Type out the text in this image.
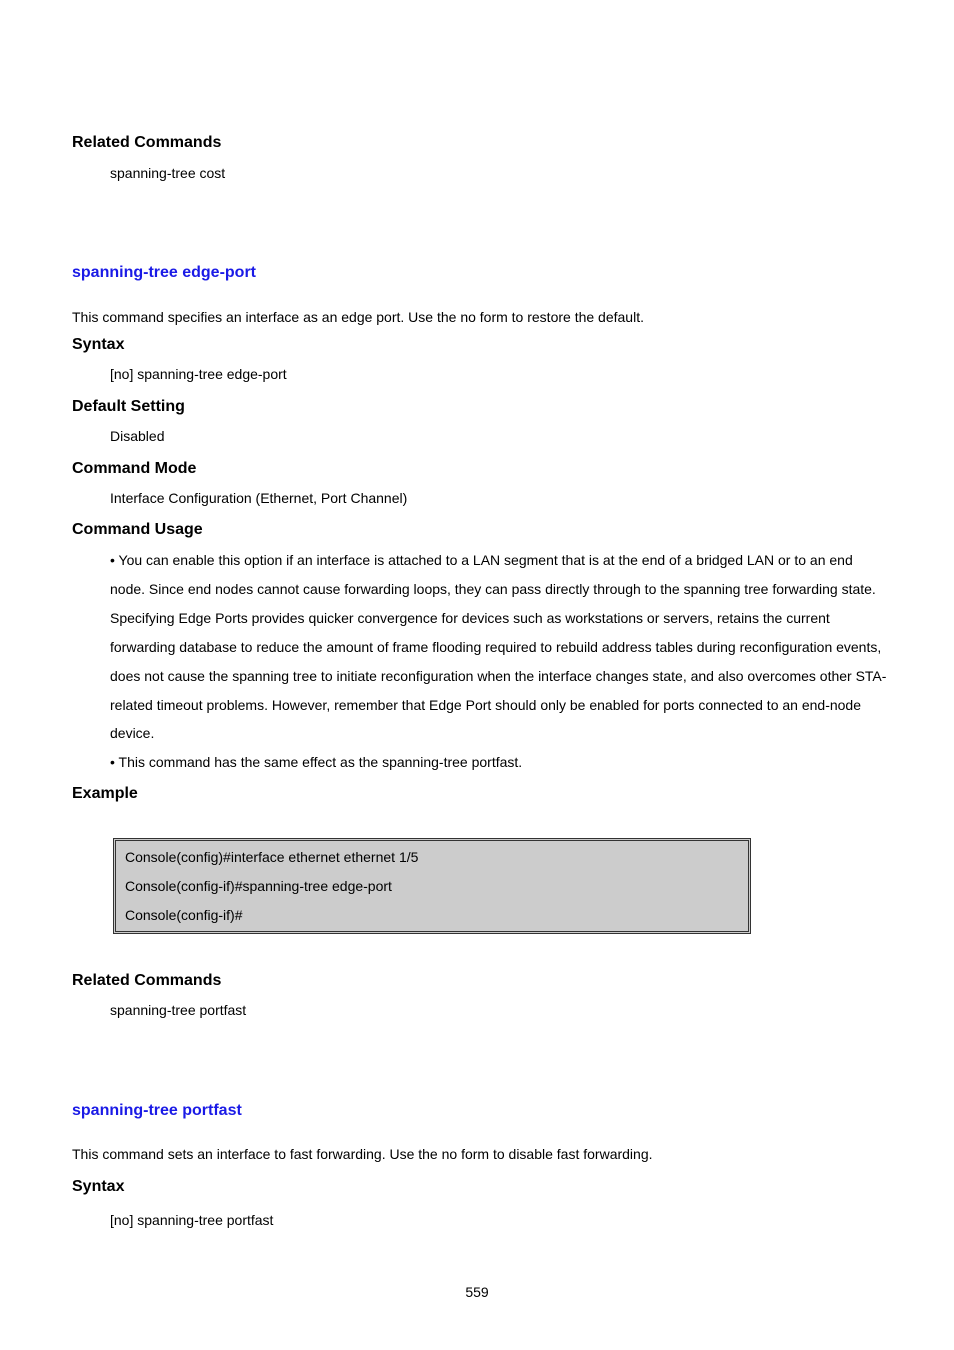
Related Commands
spanning-tree cost
spanning-tree edge-port
This command specifies an interface as an edge port. Use the no form to restore the default.
Syntax
[no] spanning-tree edge-port
Default Setting
Disabled
Command Mode
Interface Configuration (Ethernet, Port Channel)
Command Usage

• You can enable this option if an interface is attached to a LAN segment that is at the end of a bridged LAN or to an end node. Since end nodes cannot cause forwarding loops, they can pass directly through to the spanning tree forwarding state. Specifying Edge Ports provides quicker convergence for devices such as workstations or servers, retains the current forwarding database to reduce the amount of frame flooding required to rebuild address tables during reconfiguration events, does not cause the spanning tree to initiate reconfiguration when the interface changes state, and also overcomes other STA-related timeout problems. However, remember that Edge Port should only be enabled for ports connected to an end-node device.

• This command has the same effect as the spanning-tree portfast.

Example
Console(config)#interface ethernet ethernet 1/5
Console(config-if)#spanning-tree edge-port
Console(config-if)#
Related Commands
spanning-tree portfast
spanning-tree portfast
This command sets an interface to fast forwarding. Use the no form to disable fast forwarding.
Syntax
[no] spanning-tree portfast
559
